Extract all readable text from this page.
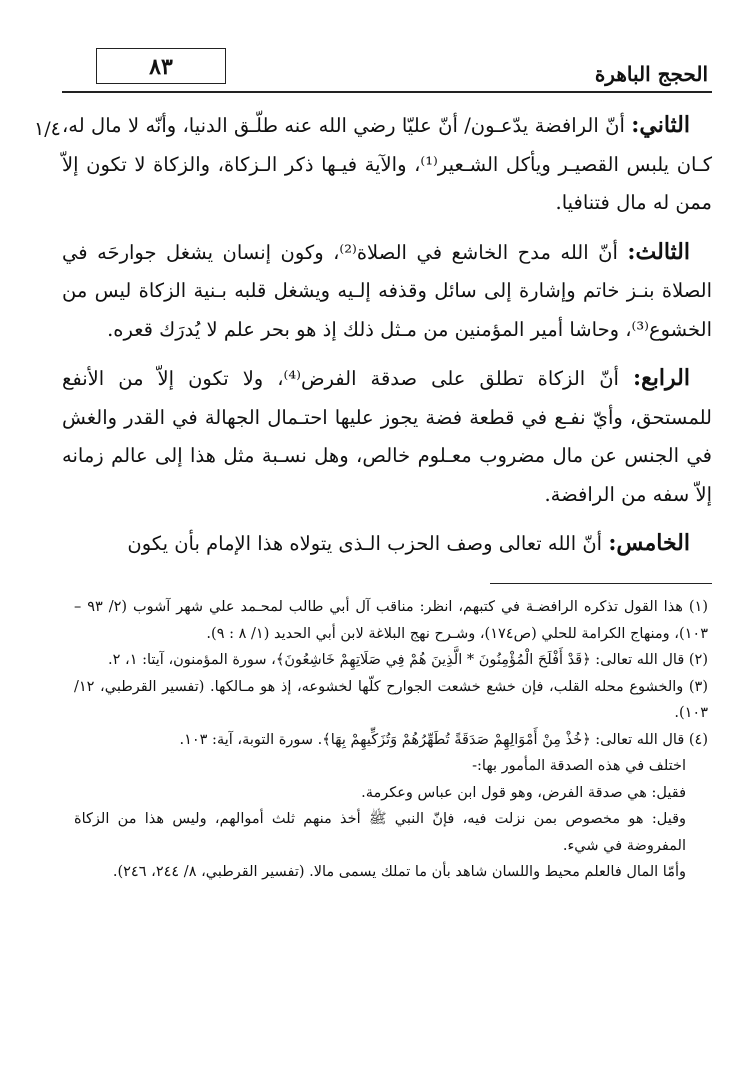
الحجج الباهرة
٨٣
١/٤	الثاني: أنّ الرافضة يدّعـون/ أنّ عليّا رضي الله عنه طلّـق الدنيا، وأنّه لا مال له، كـان يلبس القصيـر ويأكل الشـعير⁽¹⁾، والآية فيـها ذكر الـزكاة، والزكاة لا تكون إلاّ ممن له مال فتنافيا.

الثالث: أنّ الله مدح الخاشع في الصلاة⁽²⁾، وكون إنسان يشغل جوارحَه في الصلاة بنـز خاتم وإشارة إلى سائل وقذفه إلـيه ويشغل قلبه بـنية الزكاة ليس من الخشوع⁽³⁾، وحاشا أمير المؤمنين من مـثل ذلك إذ هو بحر علم لا يُدرَك قعره.

الرابع: أنّ الزكاة تطلق على صدقة الفرض⁽⁴⁾، ولا تكون إلاّ من الأنفع للمستحق، وأيّ نفـع في قطعة فضة يجوز عليها احتـمال الجهالة في القدر والغش في الجنس عن مال مضروب معـلوم خالص، وهل نسـبة مثل هذا إلى عالم زمانه إلاّ سفه من الرافضة.

الخامس: أنّ الله تعالى وصف الحزب الـذى يتولاه هذا الإمام بأن يكون

(١) هذا القول تذكره الرافضـة في كتبهم، انظر: مناقب آل أبي طالب لمحـمد علي شهر آشوب (٢/ ٩٣ – ١٠٣)، ومنهاج الكرامة للحلي (ص١٧٤)، وشـرح نهج البلاغة لابن أبي الحديد (١/ ٨ : ٩).

(٢) قال الله تعالى: ﴿قَدْ أَفْلَحَ الْمُؤْمِنُونَ * الَّذِينَ هُمْ فِي صَلَاتِهِمْ خَاشِعُونَ﴾، سورة المؤمنون، آيتا: ١، ٢.

(٣) والخشوع محله القلب، فإن خشع خشعت الجوارح كلّها لخشوعه، إذ هو مـالكها. (تفسير القرطبي، ١٢/ ١٠٣).

(٤) قال الله تعالى: ﴿خُذْ مِنْ أَمْوَالِهِمْ صَدَقَةً تُطَهِّرُهُمْ وَتُزَكِّيهِمْ بِهَا﴾. سورة التوبة، آية: ١٠٣.

اختلف في هذه الصدقة المأمور بها:-

فقيل: هي صدقة الفرض، وهو قول ابن عباس وعكرمة.

وقيل: هو مخصوص بمن نزلت فيه، فإنّ النبي ﷺ أخذ منهم ثلث أموالهم، وليس هذا من الزكاة المفروضة في شيء.

وأمّا المال فالعلم محيط واللسان شاهد بأن ما تملك يسمى مالا. (تفسير القرطبي، ٨/ ٢٤٤، ٢٤٦).
